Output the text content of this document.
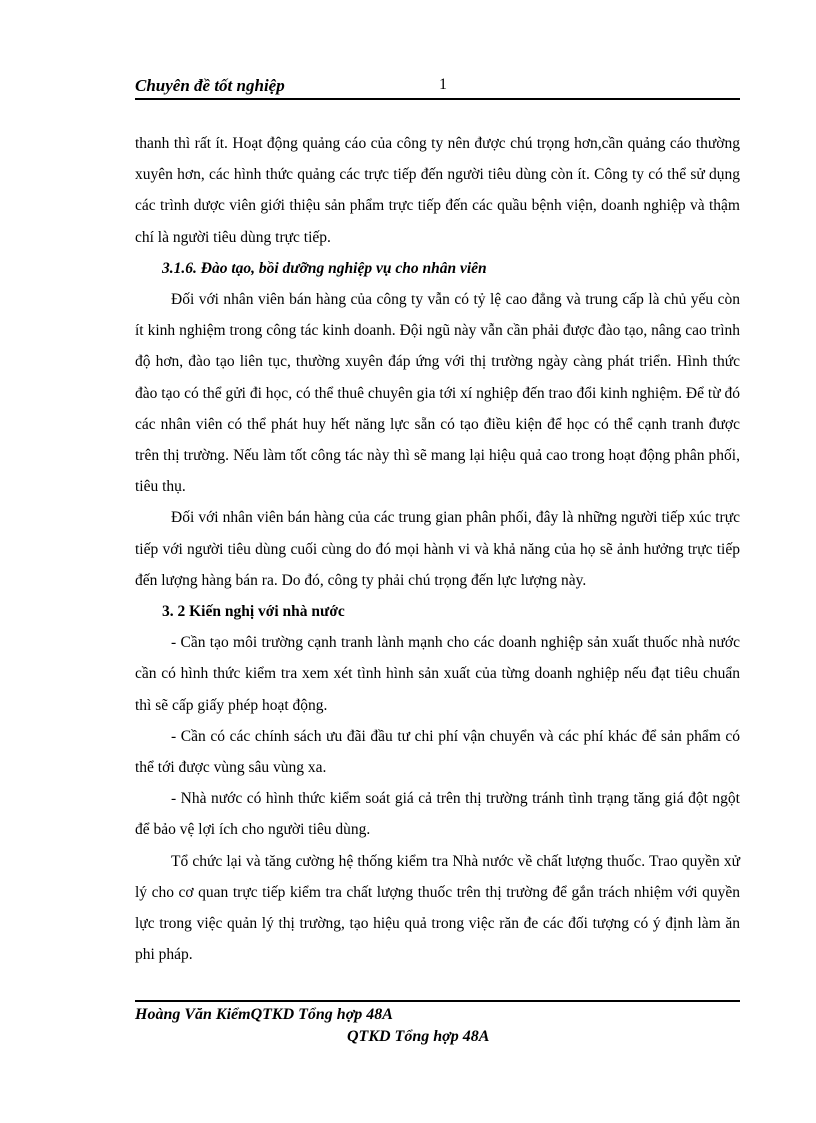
Chuyên đề tốt nghiệp	1

thanh thì rất ít. Hoạt động quảng cáo của công ty nên được chú trọng hơn,cần quảng cáo thường xuyên hơn, các hình thức quảng các trực tiếp đến người tiêu dùng còn ít. Công ty có thể sử dụng các trình dược viên giới thiệu sản phẩm trực tiếp đến các quầu bệnh viện, doanh nghiệp và thậm chí là người tiêu dùng trực tiếp.

3.1.6. Đào tạo, bồi dưỡng nghiệp vụ cho nhân viên

Đối với nhân viên bán hàng của công ty vẫn có tỷ lệ cao đẳng và trung cấp là chủ yếu còn ít kinh nghiệm trong công tác kinh doanh. Đội ngũ này vẫn cần phải được đào tạo, nâng cao trình độ hơn, đào tạo liên tục, thường xuyên đáp ứng với thị trường ngày càng phát triển. Hình thức đào tạo có thể gửi đi học, có thể thuê chuyên gia tới xí nghiệp đến trao đổi kinh nghiệm. Để từ đó các nhân viên có thể phát huy hết năng lực sẵn có tạo điều kiện để học có thể cạnh tranh được trên thị trường. Nếu làm tốt công tác này thì sẽ mang lại hiệu quả cao trong hoạt động phân phối, tiêu thụ.

Đối với nhân viên bán hàng của các trung gian phân phối, đây là những người tiếp xúc trực tiếp với người tiêu dùng cuối cùng do đó mọi hành vi và khả năng của họ sẽ ảnh hưởng trực tiếp đến lượng hàng bán ra. Do đó, công ty phải chú trọng đến lực lượng này.

3. 2 Kiến nghị với nhà nước

- Cần tạo môi trường cạnh tranh lành mạnh cho các doanh nghiệp sản xuất thuốc nhà nước cần có hình thức kiểm tra xem xét tình hình sản xuất của từng doanh nghiệp nếu đạt tiêu chuẩn thì sẽ cấp giấy phép hoạt động.

- Cần có các chính sách ưu đãi đầu tư chi phí vận chuyển và các phí khác để sản phẩm có thể tới được vùng sâu vùng xa.

- Nhà nước có hình thức kiểm soát giá cả trên thị trường tránh tình trạng tăng giá đột ngột để bảo vệ lợi ích cho người tiêu dùng.

Tổ chức lại và tăng cường hệ thống kiểm tra Nhà nước về chất lượng thuốc. Trao quyền xử lý cho cơ quan trực tiếp kiểm tra chất lượng thuốc trên thị trường để gắn trách nhiệm với quyền lực trong việc quản lý thị trường, tạo hiệu quả trong việc răn đe các đối tượng có ý định làm ăn phi pháp.

Hoàng Văn KiểmQTKD Tổng hợp 48A
QTKD Tổng hợp 48A
